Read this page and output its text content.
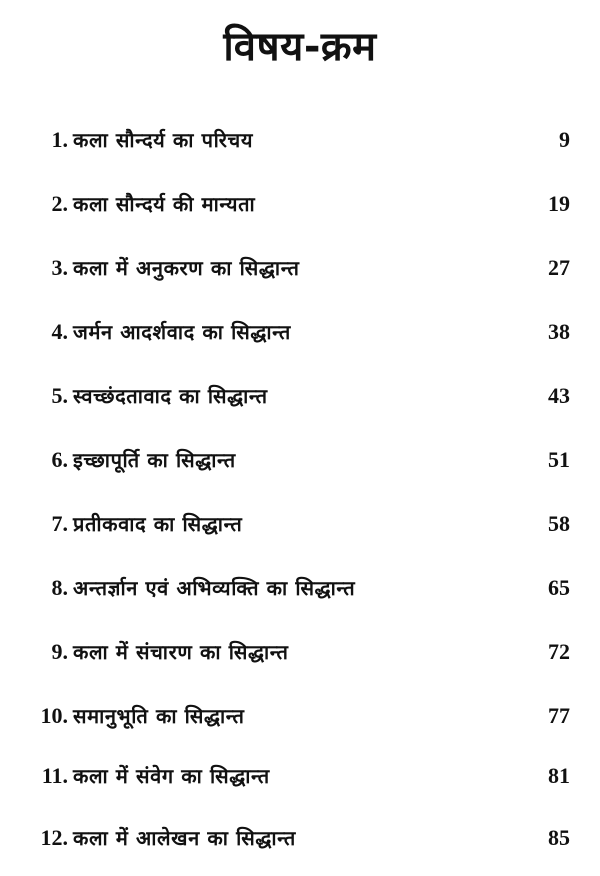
विषय-क्रम
1. कला सौन्दर्य का परिचय	9
2. कला सौन्दर्य की मान्यता	19
3. कला में अनुकरण का सिद्धान्त	27
4. जर्मन आदर्शवाद का सिद्धान्त	38
5. स्वच्छंदतावाद का सिद्धान्त	43
6. इच्छापूर्ति का सिद्धान्त	51
7. प्रतीकवाद का सिद्धान्त	58
8. अन्तर्ज्ञान एवं अभिव्यक्ति का सिद्धान्त	65
9. कला में संचारण का सिद्धान्त	72
10. समानुभूति का सिद्धान्त	77
11. कला में संवेग का सिद्धान्त	81
12. कला में आलेखन का सिद्धान्त	85
